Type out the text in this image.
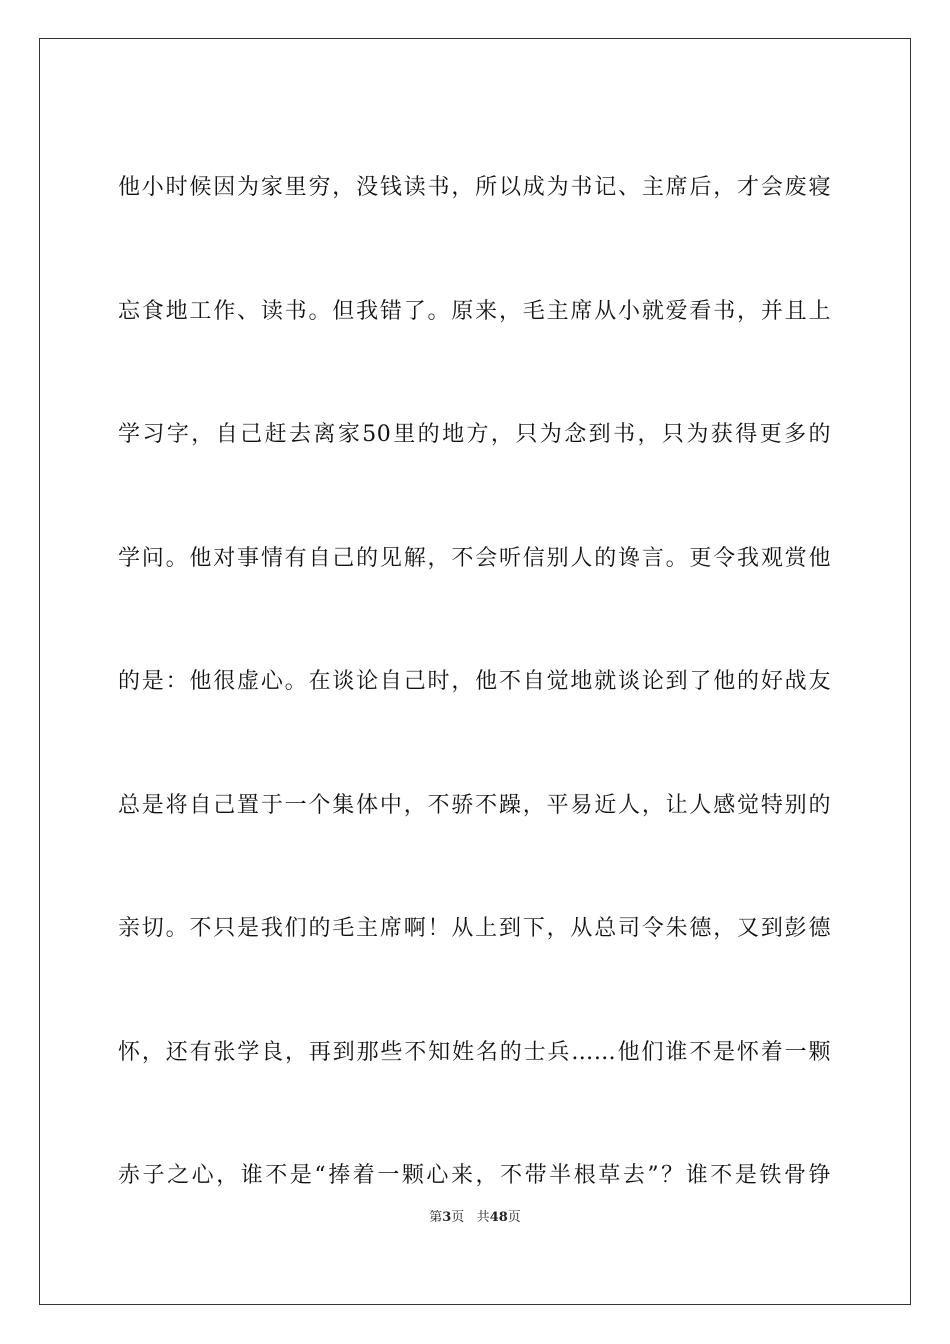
他小时候因为家里穷，没钱读书，所以成为书记、主席后，才会废寝
忘食地工作、读书。但我错了。原来，毛主席从小就爱看书，并且上
学习字，自己赶去离家50里的地方，只为念到书，只为获得更多的
学问。他对事情有自己的见解，不会听信别人的谗言。更令我观赏他
的是：他很虚心。在谈论自己时，他不自觉地就谈论到了他的好战友
总是将自己置于一个集体中，不骄不躁，平易近人，让人感觉特别的
亲切。不只是我们的毛主席啊！从上到下，从总司令朱德，又到彭德
怀，还有张学良，再到那些不知姓名的士兵……他们谁不是怀着一颗
赤子之心，谁不是“捧着一颗心来，不带半根草去”？谁不是铁骨铮
第3页 共48页
